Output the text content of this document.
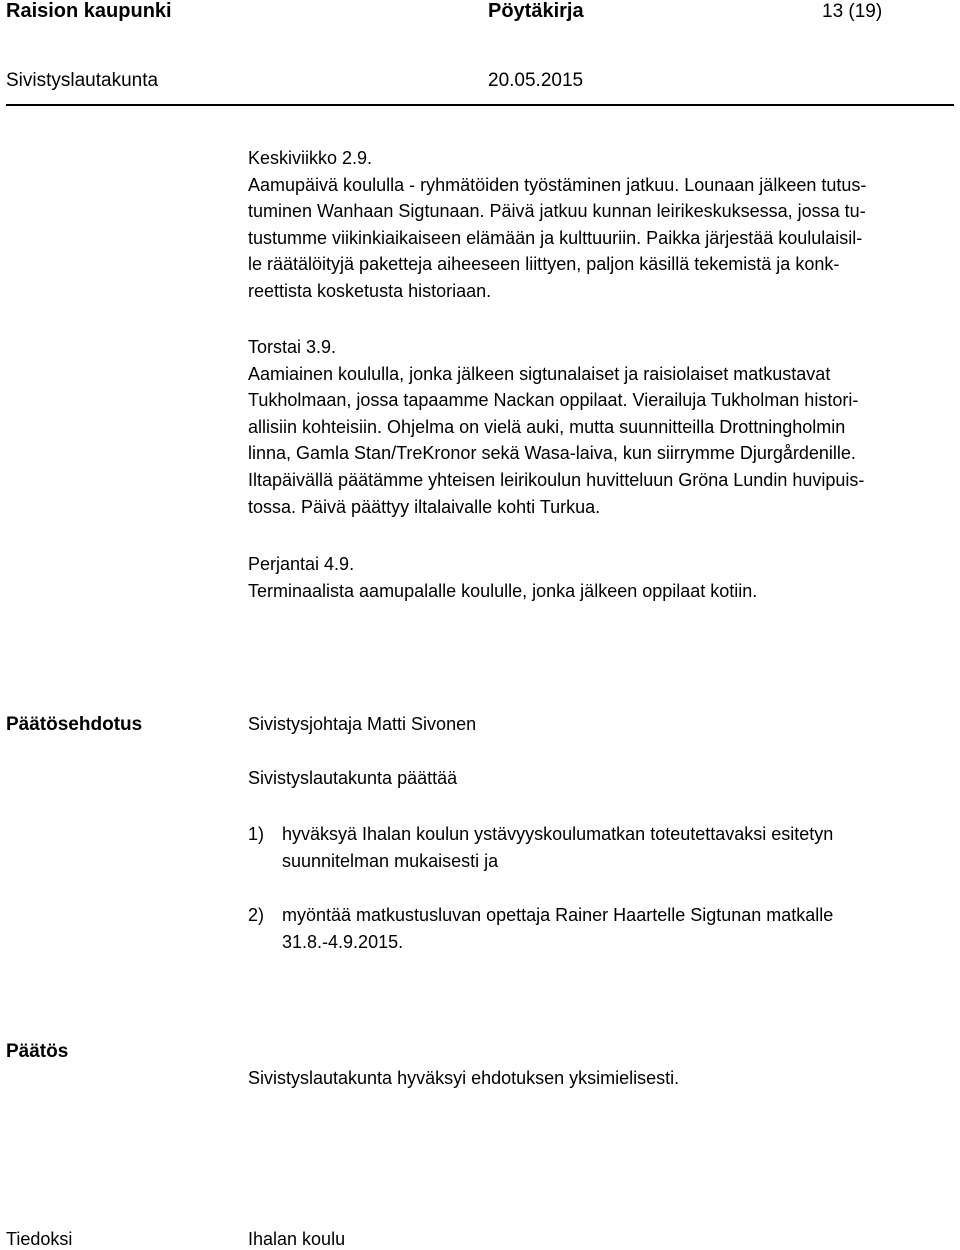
Raision kaupunki	Pöytäkirja	13 (19)
Sivistyslautakunta	20.05.2015

Keskiviikko 2.9.

Aamupäivä koululla - ryhmätöiden työstäminen jatkuu. Lounaan jälkeen tutus-

tuminen Wanhaan Sigtunaan. Päivä jatkuu kunnan leirikeskuksessa, jossa tu-

tustumme viikinkiaikaiseen elämään ja kulttuuriin. Paikka järjestää koululaisil-

le räätälöityjä paketteja aiheeseen liittyen, paljon käsillä tekemistä ja konk-

reettista kosketusta historiaan.

Torstai 3.9.

Aamiainen koululla, jonka jälkeen sigtunalaiset ja raisiolaiset matkustavat

Tukholmaan, jossa tapaamme Nackan oppilaat. Vierailuja Tukholman histori-

allisiin kohteisiin. Ohjelma on vielä auki, mutta suunnitteilla Drottningholmin

linna, Gamla Stan/TreKronor sekä Wasa-laiva, kun siirrymme Djurgårdenille.

Iltapäivällä päätämme yhteisen leirikoulun huvitteluun Gröna Lundin huvipuis-

tossa. Päivä päättyy iltalaivalle kohti Turkua.

Perjantai 4.9.

Terminaalista aamupalalle koululle, jonka jälkeen oppilaat kotiin.

Päätösehdotus	Sivistysjohtaja Matti Sivonen
Sivistyslautakunta päättää
1) hyväksyä Ihalan koulun ystävyyskoulumatkan toteutettavaksi esitetyn
suunnitelman mukaisesti ja
2) myöntää matkustusluvan opettaja Rainer Haartelle Sigtunan matkalle
31.8.-4.9.2015.
Päätös
Sivistyslautakunta hyväksyi ehdotuksen yksimielisesti.
Tiedoksi	Ihalan koulu
